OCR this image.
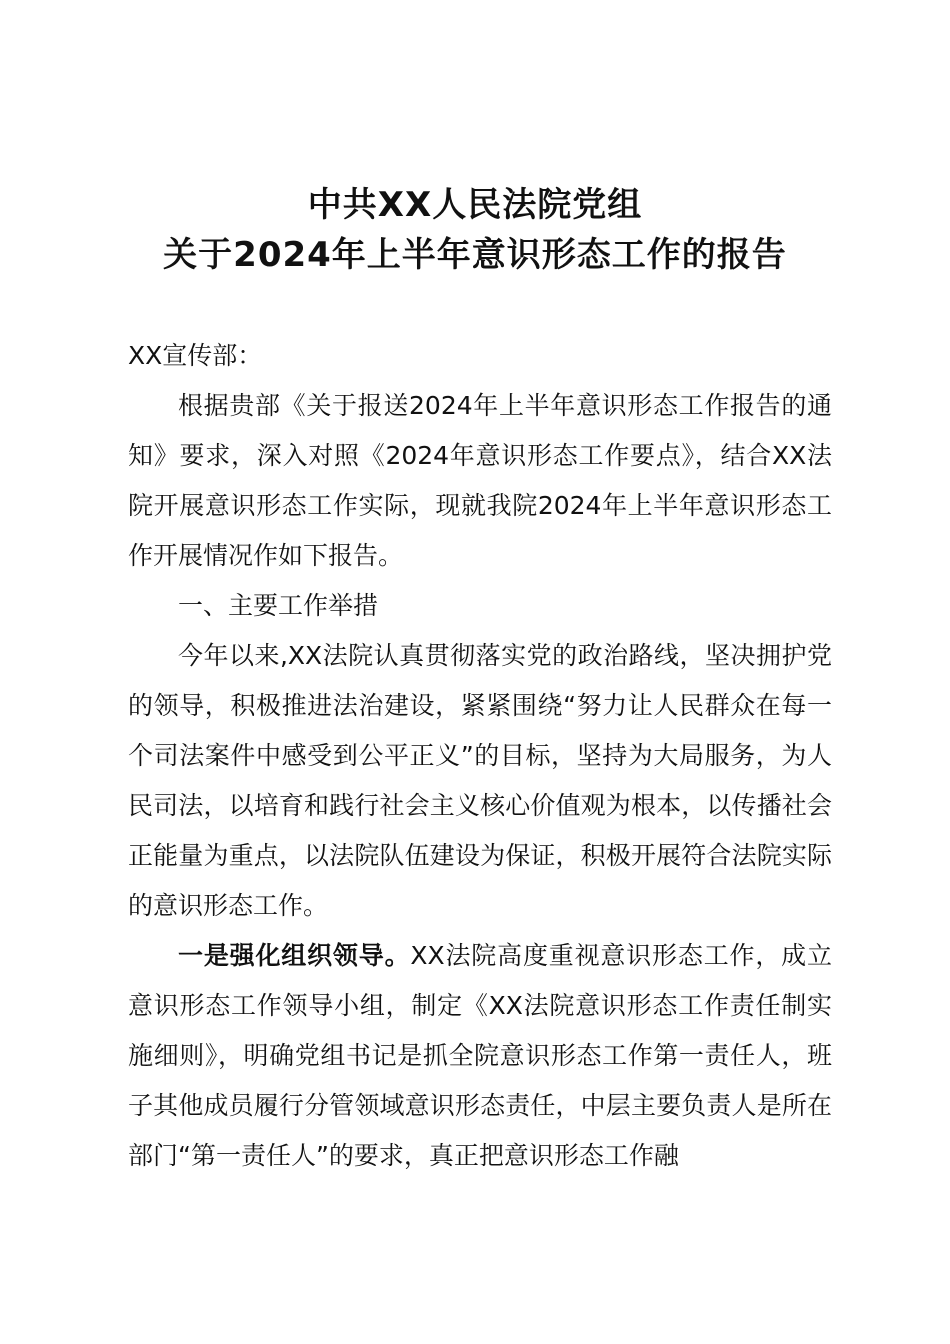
中共XX人民法院党组
关于2024年上半年意识形态工作的报告

XX宣传部：

根据贵部《关于报送2024年上半年意识形态工作报告的通知》要求，深入对照《2024年意识形态工作要点》，结合XX法院开展意识形态工作实际，现就我院2024年上半年意识形态工作开展情况作如下报告。

一、主要工作举措

今年以来,XX法院认真贯彻落实党的政治路线，坚决拥护党的领导，积极推进法治建设，紧紧围绕“努力让人民群众在每一个司法案件中感受到公平正义”的目标，坚持为大局服务，为人民司法，以培育和践行社会主义核心价值观为根本，以传播社会正能量为重点，以法院队伍建设为保证，积极开展符合法院实际的意识形态工作。

一是强化组织领导。XX法院高度重视意识形态工作，成立意识形态工作领导小组，制定《XX法院意识形态工作责任制实施细则》，明确党组书记是抓全院意识形态工作第一责任人，班子其他成员履行分管领域意识形态责任，中层主要负责人是所在部门“第一责任人”的要求，真正把意识形态工作融
